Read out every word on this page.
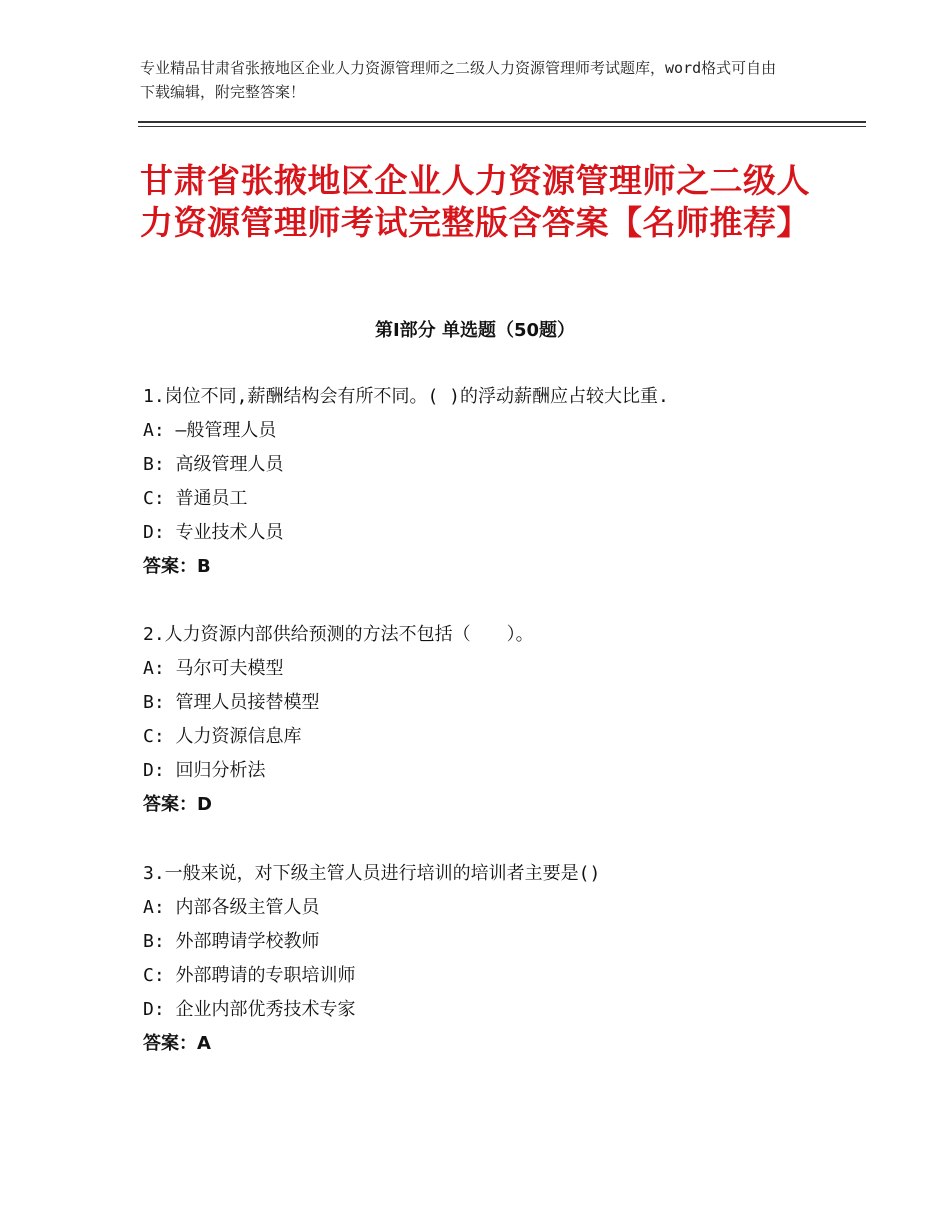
专业精品甘肃省张掖地区企业人力资源管理师之二级人力资源管理师考试题库，word格式可自由下载编辑，附完整答案！
甘肃省张掖地区企业人力资源管理师之二级人力资源管理师考试完整版含答案【名师推荐】
第Ⅰ部分 单选题（50题）
1.岗位不同,薪酬结构会有所不同。( )的浮动薪酬应占较大比重.
A: —般管理人员
B: 高级管理人员
C: 普通员工
D: 专业技术人员
答案：B
2.人力资源内部供给预测的方法不包括（　　）。
A: 马尔可夫模型
B: 管理人员接替模型
C: 人力资源信息库
D: 回归分析法
答案：D
3.一般来说，对下级主管人员进行培训的培训者主要是()
A: 内部各级主管人员
B: 外部聘请学校教师
C: 外部聘请的专职培训师
D: 企业内部优秀技术专家
答案：A
